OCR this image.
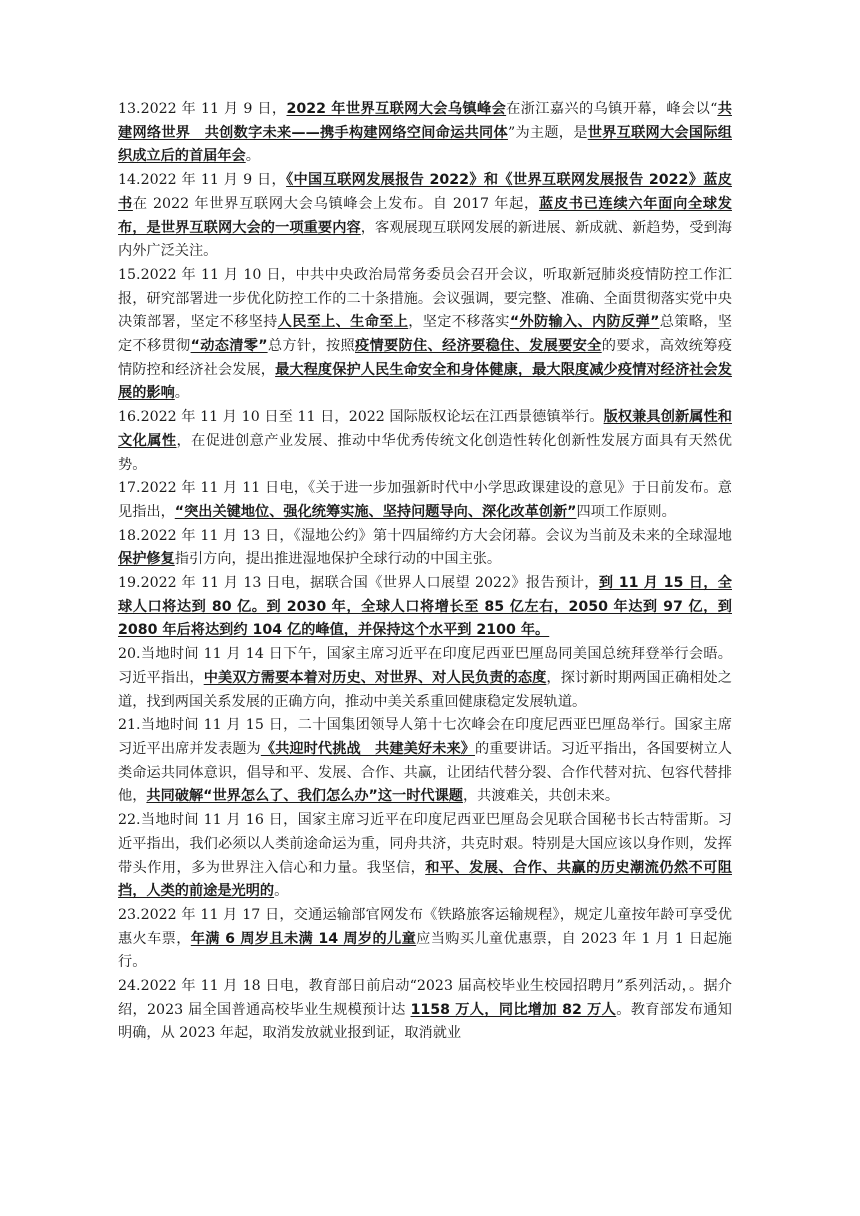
13.2022 年 11 月 9 日，2022 年世界互联网大会乌镇峰会在浙江嘉兴的乌镇开幕，峰会以“共建网络世界　共创数字未来——携手构建网络空间命运共同体”为主题，是世界互联网大会国际组织成立后的首届年会。

14.2022 年 11 月 9 日，《中国互联网发展报告 2022》和《世界互联网发展报告 2022》蓝皮书在 2022 年世界互联网大会乌镇峰会上发布。自 2017 年起，蓝皮书已连续六年面向全球发布，是世界互联网大会的一项重要内容，客观展现互联网发展的新进展、新成就、新趋势，受到海内外广泛关注。

15.2022 年 11 月 10 日，中共中央政治局常务委员会召开会议，听取新冠肺炎疫情防控工作汇报，研究部署进一步优化防控工作的二十条措施。会议强调，要完整、准确、全面贯彻落实党中央决策部署，坚定不移坚持人民至上、生命至上，坚定不移落实“外防输入、内防反弹”总策略，坚定不移贯彻“动态清零”总方针，按照疫情要防住、经济要稳住、发展要安全的要求，高效统筹疫情防控和经济社会发展，最大程度保护人民生命安全和身体健康，最大限度减少疫情对经济社会发展的影响。

16.2022 年 11 月 10 日至 11 日，2022 国际版权论坛在江西景德镇举行。版权兼具创新属性和文化属性，在促进创意产业发展、推动中华优秀传统文化创造性转化创新性发展方面具有天然优势。

17.2022 年 11 月 11 日电，《关于进一步加强新时代中小学思政课建设的意见》于日前发布。意见指出，“突出关键地位、强化统筹实施、坚持问题导向、深化改革创新”四项工作原则。

18.2022 年 11 月 13 日，《湿地公约》第十四届缔约方大会闭幕。会议为当前及未来的全球湿地保护修复指引方向，提出推进湿地保护全球行动的中国主张。

19.2022 年 11 月 13 日电，据联合国《世界人口展望 2022》报告预计，到 11 月 15 日，全球人口将达到 80 亿。到 2030 年，全球人口将增长至 85 亿左右，2050 年达到 97 亿，到 2080 年后将达到约 104 亿的峰值，并保持这个水平到 2100 年。

20.当地时间 11 月 14 日下午，国家主席习近平在印度尼西亚巴厘岛同美国总统拜登举行会晤。习近平指出，中美双方需要本着对历史、对世界、对人民负责的态度，探讨新时期两国正确相处之道，找到两国关系发展的正确方向，推动中美关系重回健康稳定发展轨道。

21.当地时间 11 月 15 日，二十国集团领导人第十七次峰会在印度尼西亚巴厘岛举行。国家主席习近平出席并发表题为《共迎时代挑战　共建美好未来》的重要讲话。习近平指出，各国要树立人类命运共同体意识，倡导和平、发展、合作、共赢，让团结代替分裂、合作代替对抗、包容代替排他，共同破解“世界怎么了、我们怎么办”这一时代课题，共渡难关，共创未来。

22.当地时间 11 月 16 日，国家主席习近平在印度尼西亚巴厘岛会见联合国秘书长古特雷斯。习近平指出，我们必须以人类前途命运为重，同舟共济，共克时艰。特别是大国应该以身作则，发挥带头作用，多为世界注入信心和力量。我坚信，和平、发展、合作、共赢的历史潮流仍然不可阻挡，人类的前途是光明的。

23.2022 年 11 月 17 日，交通运输部官网发布《铁路旅客运输规程》，规定儿童按年龄可享受优惠火车票，年满 6 周岁且未满 14 周岁的儿童应当购买儿童优惠票，自 2023 年 1 月 1 日起施行。

24.2022 年 11 月 18 日电，教育部日前启动“2023 届高校毕业生校园招聘月”系列活动，。据介绍，2023 届全国普通高校毕业生规模预计达 1158 万人，同比增加 82 万人。教育部发布通知明确，从 2023 年起，取消发放就业报到证，取消就业
